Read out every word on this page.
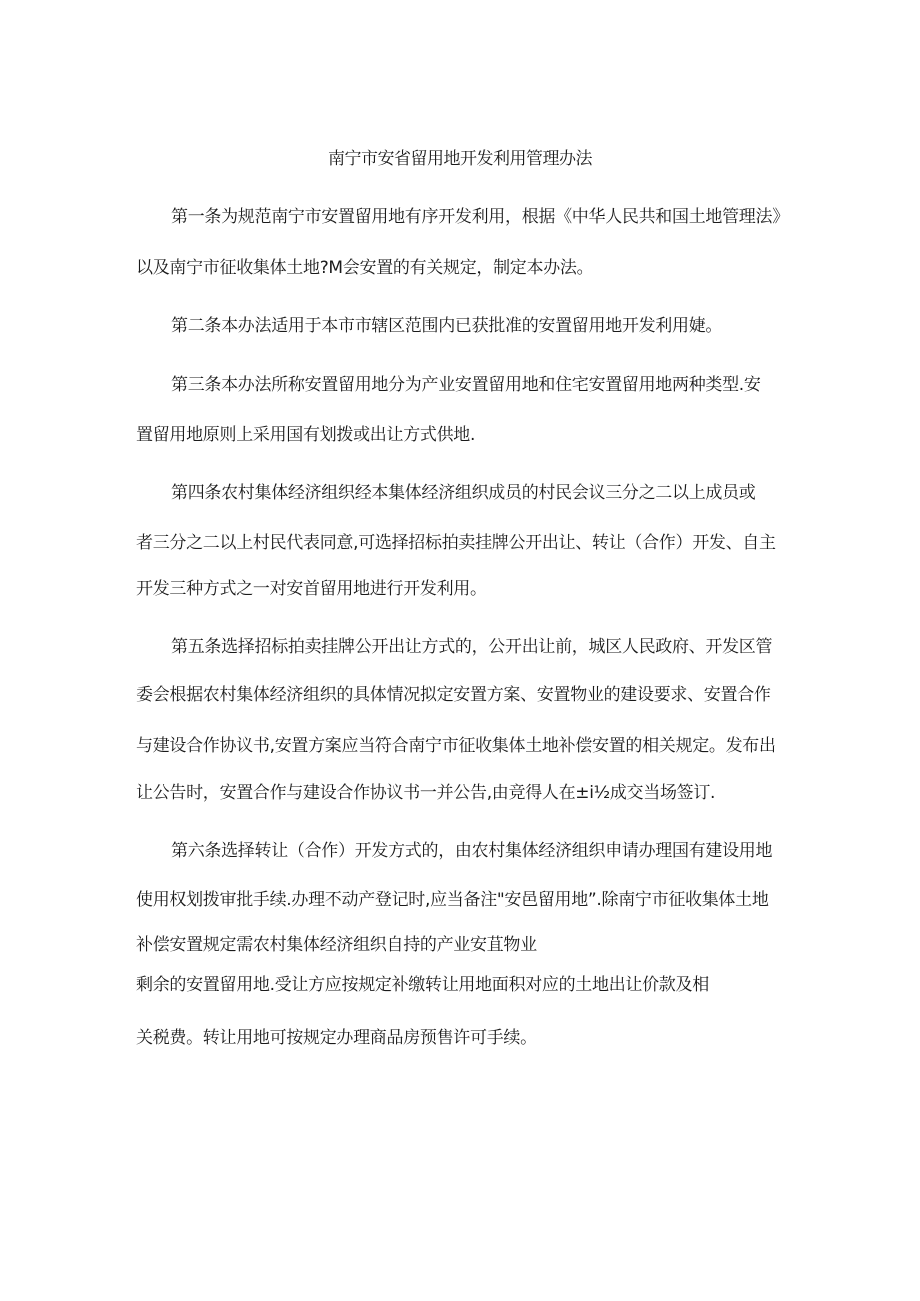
南宁市安省留用地开发利用管理办法
第一条为规范南宁市安置留用地有序开发利用，根据《中华人民共和国土地管理法》
以及南宁市征收集体土地?M会安置的有关规定，制定本办法。
第二条本办法适用于本市市辖区范围内已获批准的安置留用地开发利用婕。
第三条本办法所称安置留用地分为产业安置留用地和住宅安置留用地两种类型.安
置留用地原则上采用国有划拨或出让方式供地.
第四条农村集体经济组织经本集体经济组织成员的村民会议三分之二以上成员或
者三分之二以上村民代表同意,可选择招标拍卖挂牌公开出让、转让（合作）开发、自主
开发三种方式之一对安首留用地进行开发利用。
第五条选择招标拍卖挂牌公开出让方式的，公开出让前，城区人民政府、开发区管
委会根据农村集体经济组织的具体情况拟定安置方案、安置物业的建设要求、安置合作
与建设合作协议书,安置方案应当符合南宁市征收集体土地补偿安置的相关规定。发布出
让公告时，安置合作与建设合作协议书一并公告,由竞得人在±i½成交当场签订.
第六条选择转让（合作）开发方式的，由农村集体经济组织申请办理国有建设用地
使用权划拨审批手续.办理不动产登记时,应当备注"安邑留用地”.除南宁市征收集体土地
补偿安置规定需农村集体经济组织自持的产业安苴物业
剩余的安置留用地.受让方应按规定补缴转让用地面积对应的土地出让价款及相
关税费。转让用地可按规定办理商品房预售许可手续。
